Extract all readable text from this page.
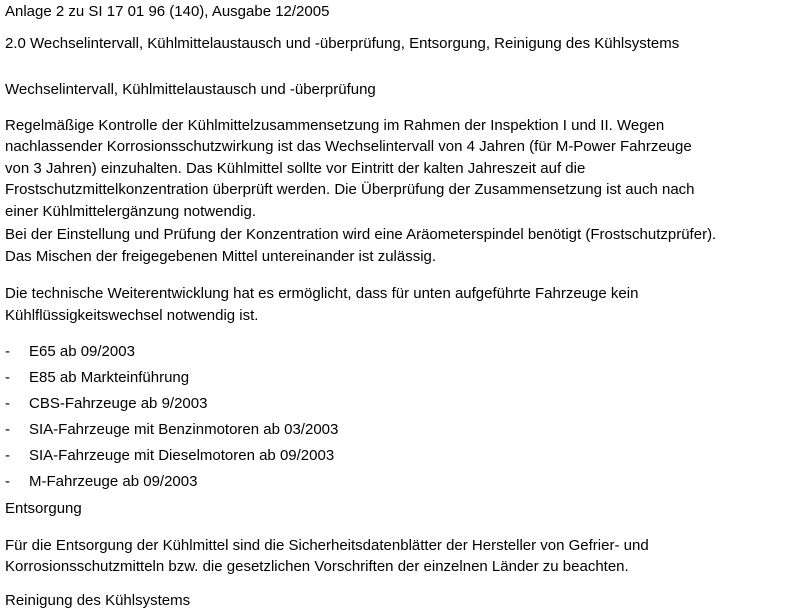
Anlage 2 zu SI 17 01 96 (140), Ausgabe 12/2005
2.0 Wechselintervall, Kühlmittelaustausch und -überprüfung, Entsorgung, Reinigung des Kühlsystems
Wechselintervall, Kühlmittelaustausch und -überprüfung
Regelmäßige Kontrolle der Kühlmittelzusammensetzung im Rahmen der Inspektion I und II. Wegen
nachlassender Korrosionsschutzwirkung ist das Wechselintervall von 4 Jahren (für M-Power Fahrzeuge
von 3 Jahren) einzuhalten. Das Kühlmittel sollte vor Eintritt der kalten Jahreszeit auf die
Frostschutzmittelkonzentration überprüft werden. Die Überprüfung der Zusammensetzung ist auch nach
einer Kühlmittelergänzung notwendig.
Bei der Einstellung und Prüfung der Konzentration wird eine Aräometerspindel benötigt (Frostschutzprüfer).
Das Mischen der freigegebenen Mittel untereinander ist zulässig.
Die technische Weiterentwicklung hat es ermöglicht, dass für unten aufgeführte Fahrzeuge kein
Kühlflüssigkeitswechsel notwendig ist.
- E65 ab 09/2003
- E85 ab Markteinführung
- CBS-Fahrzeuge ab 9/2003
- SIA-Fahrzeuge mit Benzinmotoren ab 03/2003
- SIA-Fahrzeuge mit Dieselmotoren ab 09/2003
- M-Fahrzeuge ab 09/2003
Entsorgung
Für die Entsorgung der Kühlmittel sind die Sicherheitsdatenblätter der Hersteller von Gefrier- und
Korrosionsschutzmitteln bzw. die gesetzlichen Vorschriften der einzelnen Länder zu beachten.
Reinigung des Kühlsystems
